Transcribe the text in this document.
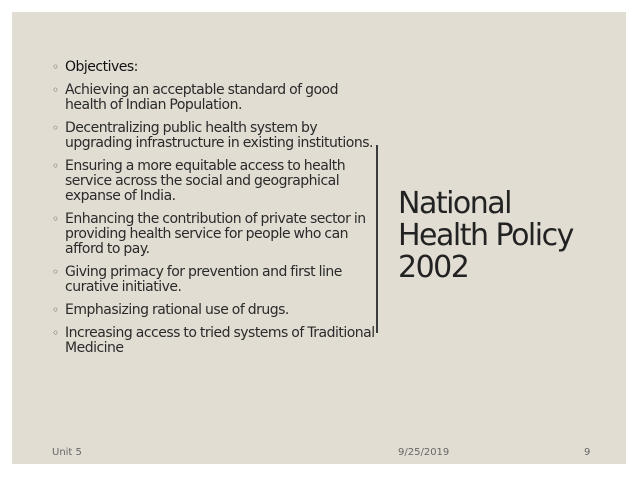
◦ Objectives:
◦ Achieving an acceptable standard of good health of Indian Population.
◦ Decentralizing public health system by upgrading infrastructure in existing institutions.
◦ Ensuring a more equitable access to health service across the social and geographical expanse of India.
◦ Enhancing the contribution of private sector in providing health service for people who can afford to pay.
◦ Giving primacy for prevention and first line curative initiative.
◦ Emphasizing rational use of drugs.
◦ Increasing access to tried systems of Traditional Medicine
National
Health Policy
2002
Unit 5	9/25/2019	9
